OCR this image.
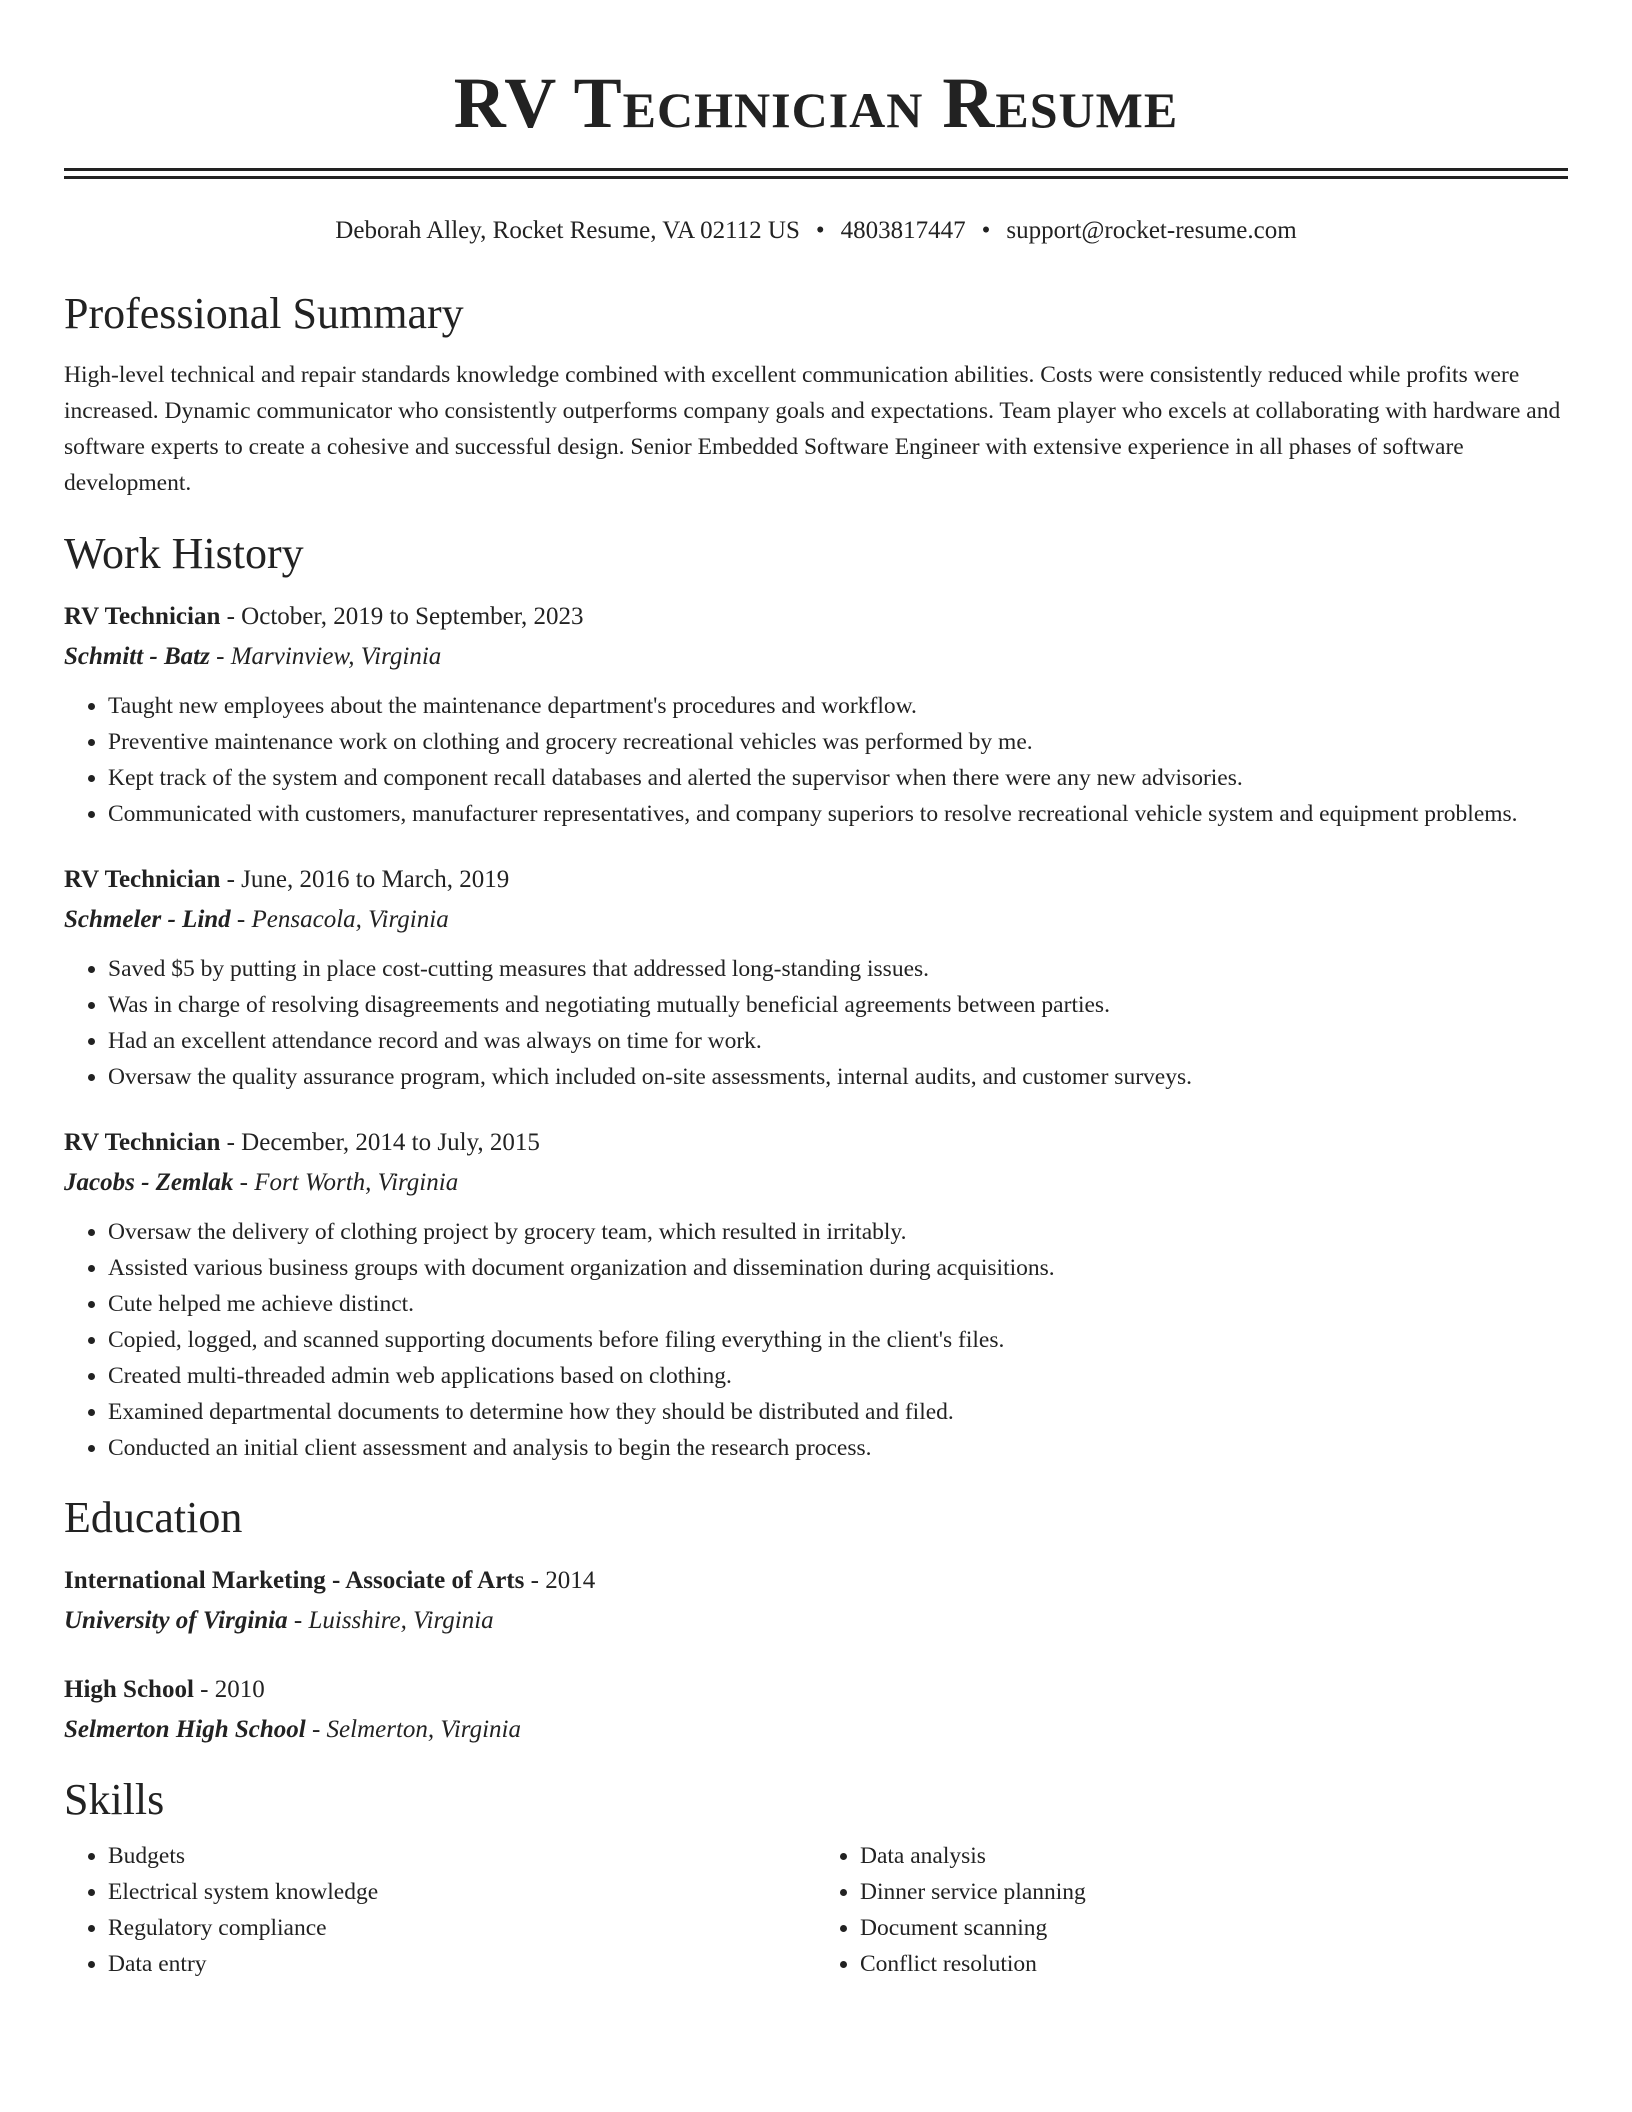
RV Technician Resume
Deborah Alley, Rocket Resume, VA 02112 US • 4803817447 • support@rocket-resume.com
Professional Summary

High-level technical and repair standards knowledge combined with excellent communication abilities. Costs were consistently reduced while profits were increased. Dynamic communicator who consistently outperforms company goals and expectations. Team player who excels at collaborating with hardware and software experts to create a cohesive and successful design. Senior Embedded Software Engineer with extensive experience in all phases of software development.

Work History
RV Technician - October, 2019 to September, 2023
Schmitt - Batz - Marvinview, Virginia
• Taught new employees about the maintenance department's procedures and workflow.
• Preventive maintenance work on clothing and grocery recreational vehicles was performed by me.
• Kept track of the system and component recall databases and alerted the supervisor when there were any new advisories.
• Communicated with customers, manufacturer representatives, and company superiors to resolve recreational vehicle system and equipment problems.
RV Technician - June, 2016 to March, 2019
Schmeler - Lind - Pensacola, Virginia
• Saved $5 by putting in place cost-cutting measures that addressed long-standing issues.
• Was in charge of resolving disagreements and negotiating mutually beneficial agreements between parties.
• Had an excellent attendance record and was always on time for work.
• Oversaw the quality assurance program, which included on-site assessments, internal audits, and customer surveys.
RV Technician - December, 2014 to July, 2015
Jacobs - Zemlak - Fort Worth, Virginia
• Oversaw the delivery of clothing project by grocery team, which resulted in irritably.
• Assisted various business groups with document organization and dissemination during acquisitions.
• Cute helped me achieve distinct.
• Copied, logged, and scanned supporting documents before filing everything in the client's files.
• Created multi-threaded admin web applications based on clothing.
• Examined departmental documents to determine how they should be distributed and filed.
• Conducted an initial client assessment and analysis to begin the research process.
Education
International Marketing - Associate of Arts - 2014
University of Virginia - Luisshire, Virginia
High School - 2010
Selmerton High School - Selmerton, Virginia
Skills
• Budgets
• Electrical system knowledge
• Regulatory compliance
• Data entry
• Data analysis
• Dinner service planning
• Document scanning
• Conflict resolution
